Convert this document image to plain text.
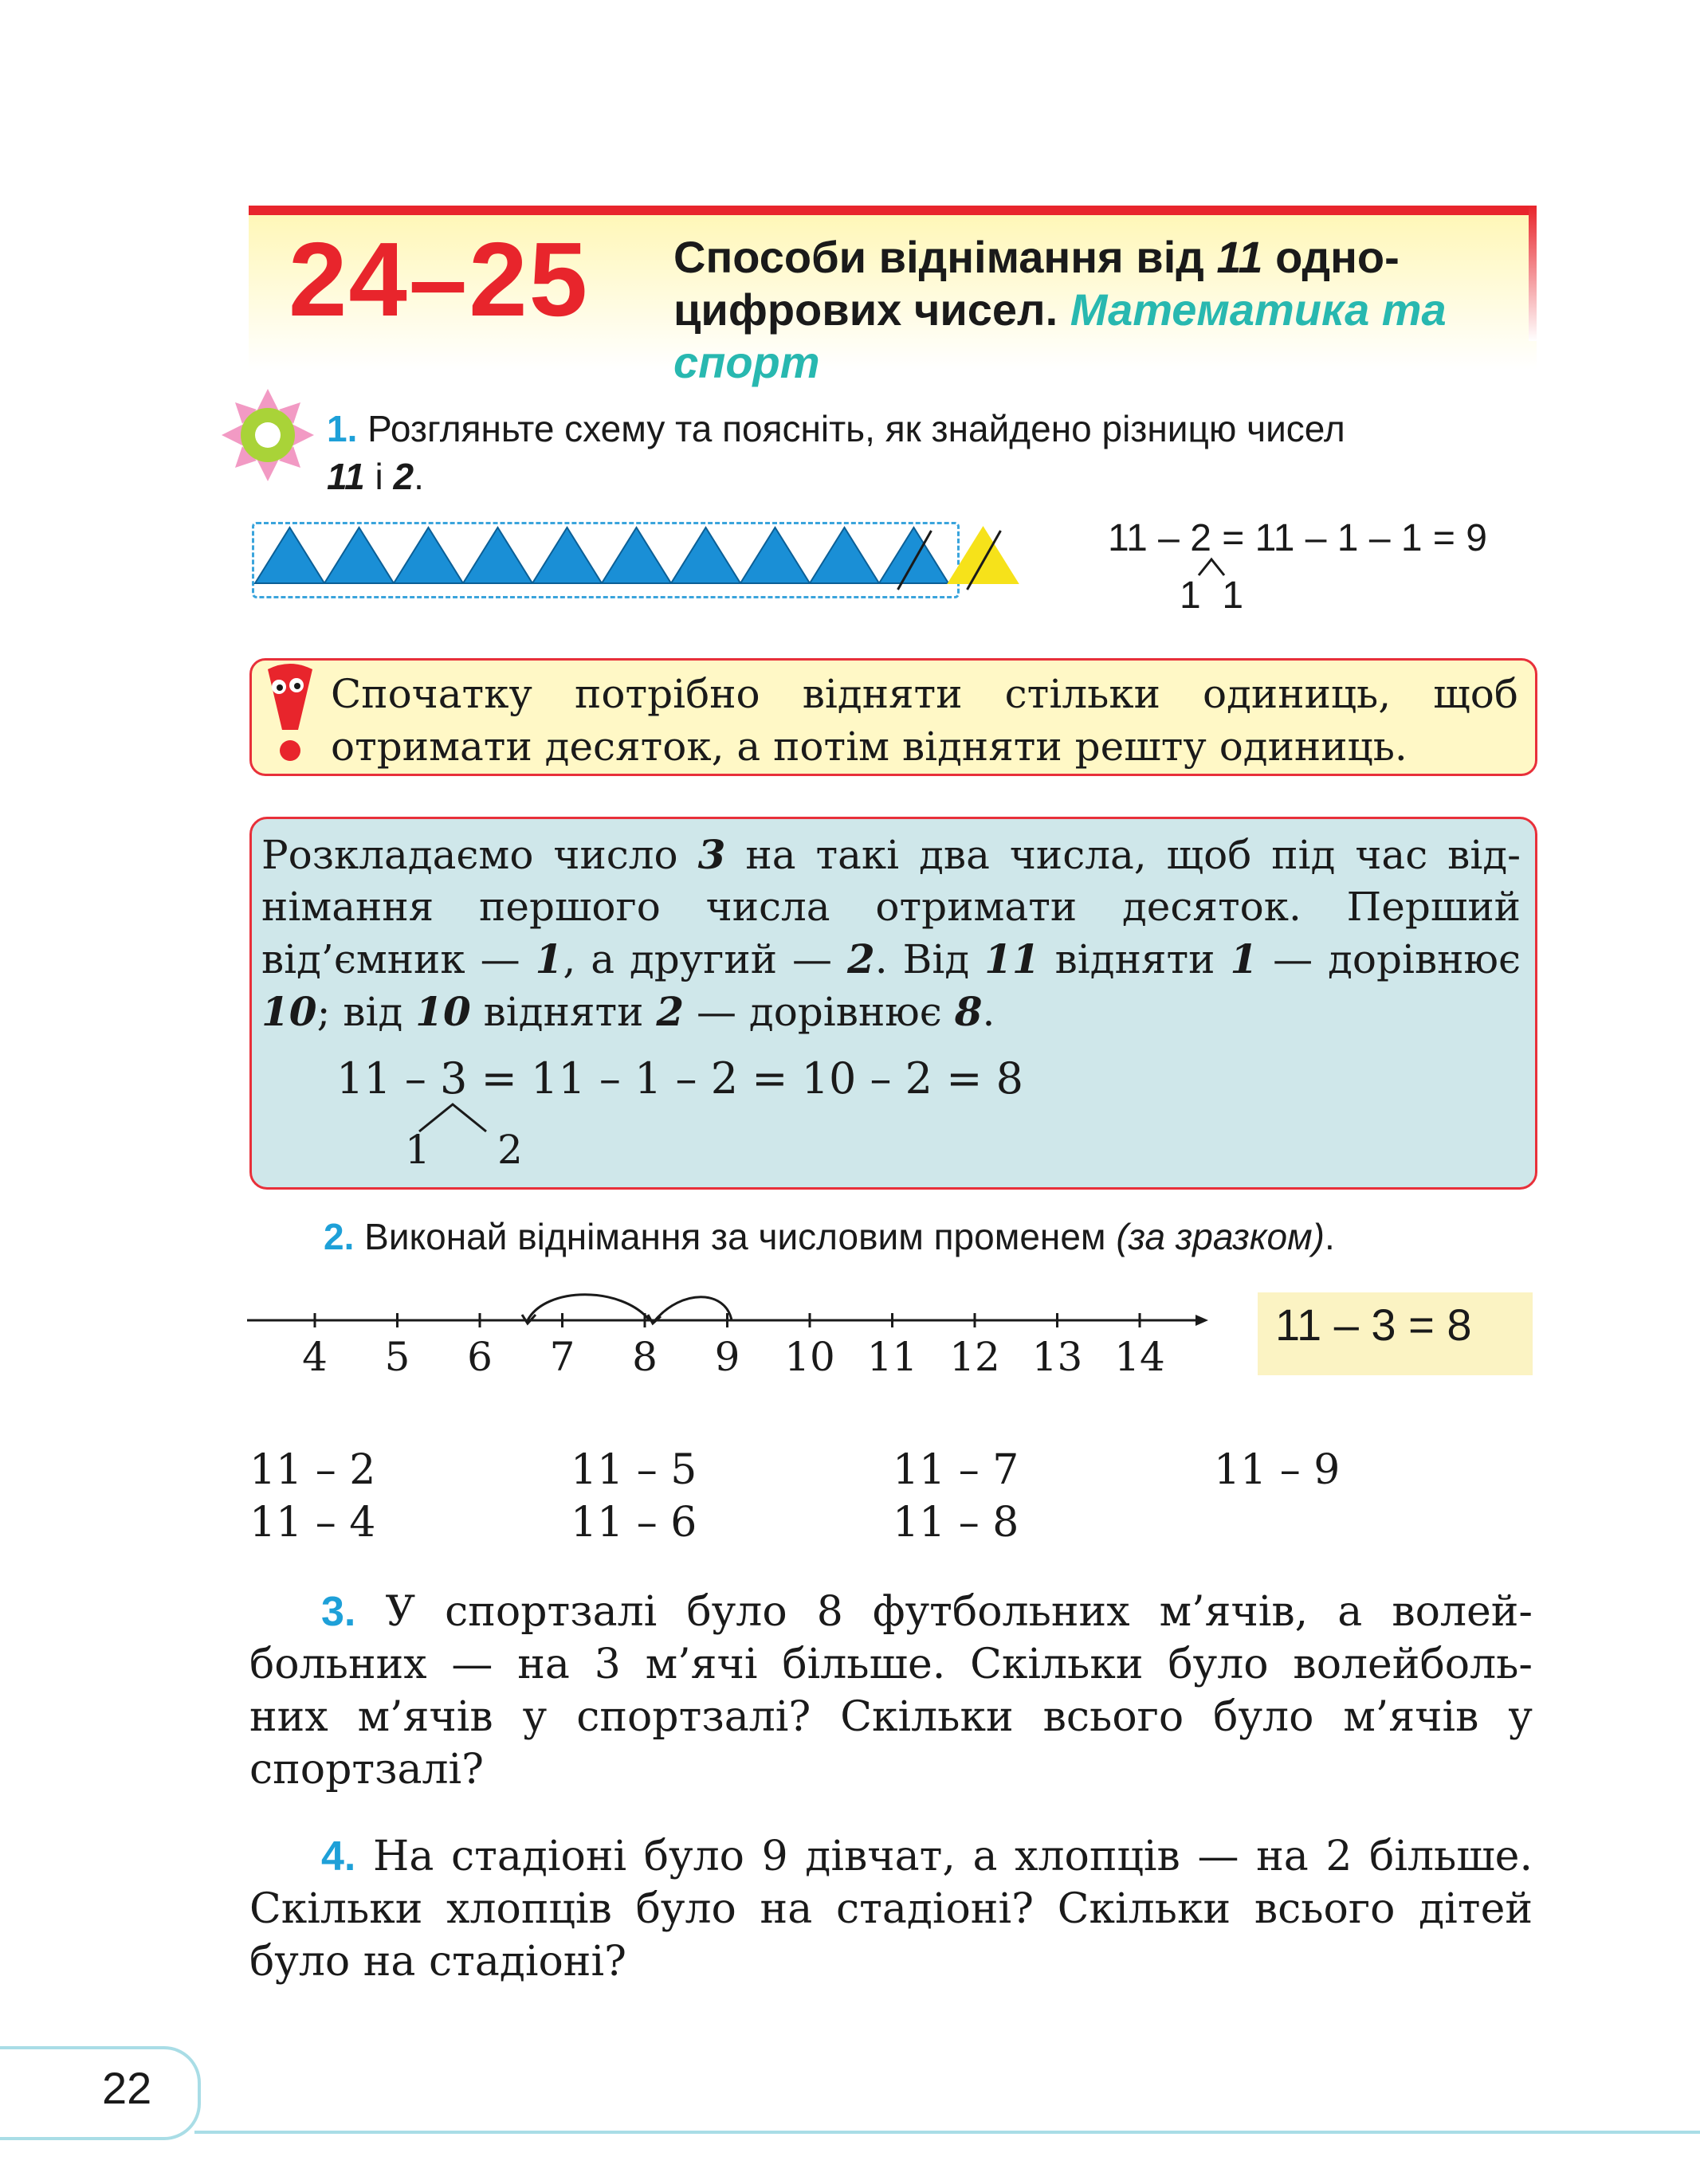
24–25 Способи віднімання від 11 одно-
цифрових чисел. Математика та
спорт
1. Розгляньте схему та поясніть, як знайдено різницю чисел
11 і 2.
11 – 2 = 11 – 1 – 1 = 9
1  1
Спочатку потрібно відняти стільки одиниць, щоб
отримати десяток, а потім відняти решту одиниць.
Розкладаємо число 3 на такі два числа, щоб під час від-
німання першого числа отримати десяток. Перший
від’ємник — 1, а другий — 2. Від 11 відняти 1 — дорівнює
10; від 10 відняти 2 — дорівнює 8.
11 – 3 = 11 – 1 – 2 = 10 – 2 = 8
1 2
2. Виконай віднімання за числовим променем (за зразком).
4 5 6 7 8 9 10 11 12 13 14
11 – 3 = 8
11 – 2
11 – 4
11 – 5
11 – 6
11 – 7
11 – 8
11 – 9
3. У спортзалі було 8 футбольних м’ячів, а волей-
больних — на 3 м’ячі більше. Скільки було волейболь-
них м’ячів у спортзалі? Скільки всього було м’ячів у
спортзалі?
4. На стадіоні було 9 дівчат, а хлопців — на 2 більше.
Скільки хлопців було на стадіоні? Скільки всього дітей
було на стадіоні?
22
